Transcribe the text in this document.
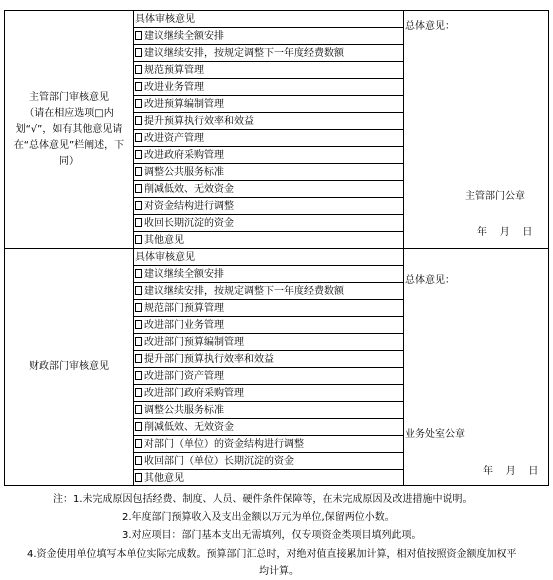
主管部门审核意见
（请在相应选项□内划“√”，如有其他意见请在“总体意见”栏阐述，下同）
具体审核意见
建议继续全额安排
建议继续安排，按规定调整下一年度经费数额
规范预算管理
改进业务管理
改进预算编制管理
提升预算执行效率和效益
改进资产管理
改进政府采购管理
调整公共服务标准
削减低效、无效资金
对资金结构进行调整
收回长期沉淀的资金
其他意见
总体意见：
主管部门公章
年    月    日
财政部门审核意见
具体审核意见
建议继续全额安排
建议继续安排，按规定调整下一年度经费数额
规范部门预算管理
改进部门业务管理
改进部门预算编制管理
提升部门预算执行效率和效益
改进部门资产管理
改进部门政府采购管理
调整公共服务标准
削减低效、无效资金
对部门（单位）的资金结构进行调整
收回部门（单位）长期沉淀的资金
其他意见
总体意见：
业务处室公章
年    月    日
注：1.未完成原因包括经费、制度、人员、硬件条件保障等，在未完成原因及改进措施中说明。
2.年度部门预算收入及支出金额以万元为单位,保留两位小数。
3.对应项目：部门基本支出无需填列，仅专项资金类项目填列此项。
4.资金使用单位填写本单位实际完成数。预算部门汇总时，对绝对值直接累加计算，相对值按照资金额度加权平
均计算。
